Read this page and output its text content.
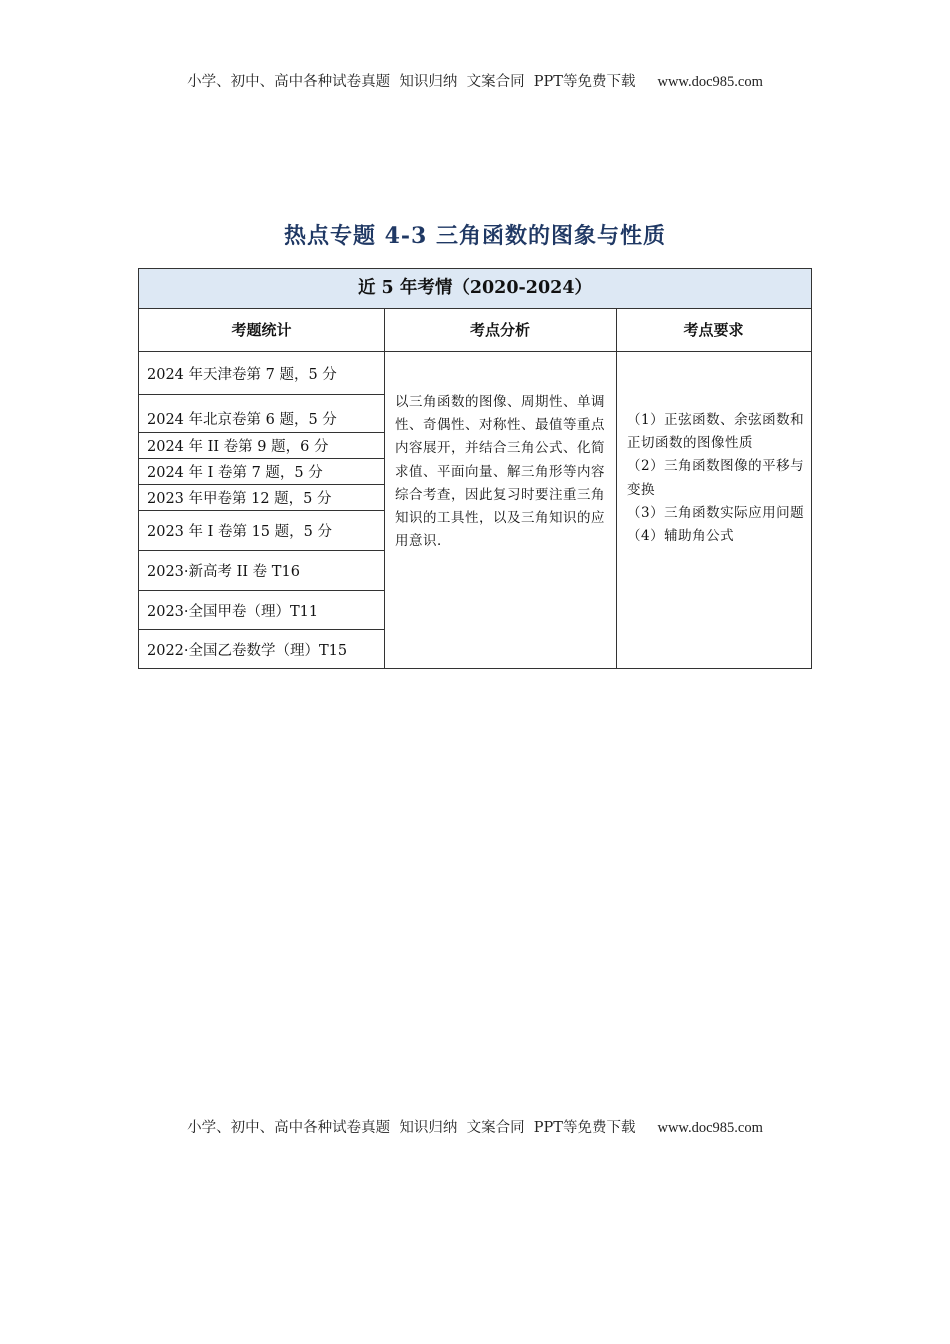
小学、初中、高中各种试卷真题  知识归纳  文案合同  PPT等免费下载 www.doc985.com
热点专题 4-3 三角函数的图象与性质
近 5 年考情（2020-2024）
考题统计	考点分析	考点要求
2024 年天津卷第 7 题，5 分
2024 年北京卷第 6 题，5 分
2024 年 II 卷第 9 题，6 分
2024 年 I 卷第 7 题，5 分
2023 年甲卷第 12 题，5 分
2023 年 I 卷第 15 题，5 分
2023·新高考 II 卷 T16
2023·全国甲卷（理）T11
2022·全国乙卷数学（理）T15
以三角函数的图像、周期性、单调性、奇偶性、对称性、最值等重点内容展开，并结合三角公式、化简求值、平面向量、解三角形等内容综合考查，因此复习时要注重三角知识的工具性，以及三角知识的应用意识．
（1）正弦函数、余弦函数和正切函数的图像性质
（2）三角函数图像的平移与变换
（3）三角函数实际应用问题
（4）辅助角公式
小学、初中、高中各种试卷真题  知识归纳  文案合同  PPT等免费下载 www.doc985.com
